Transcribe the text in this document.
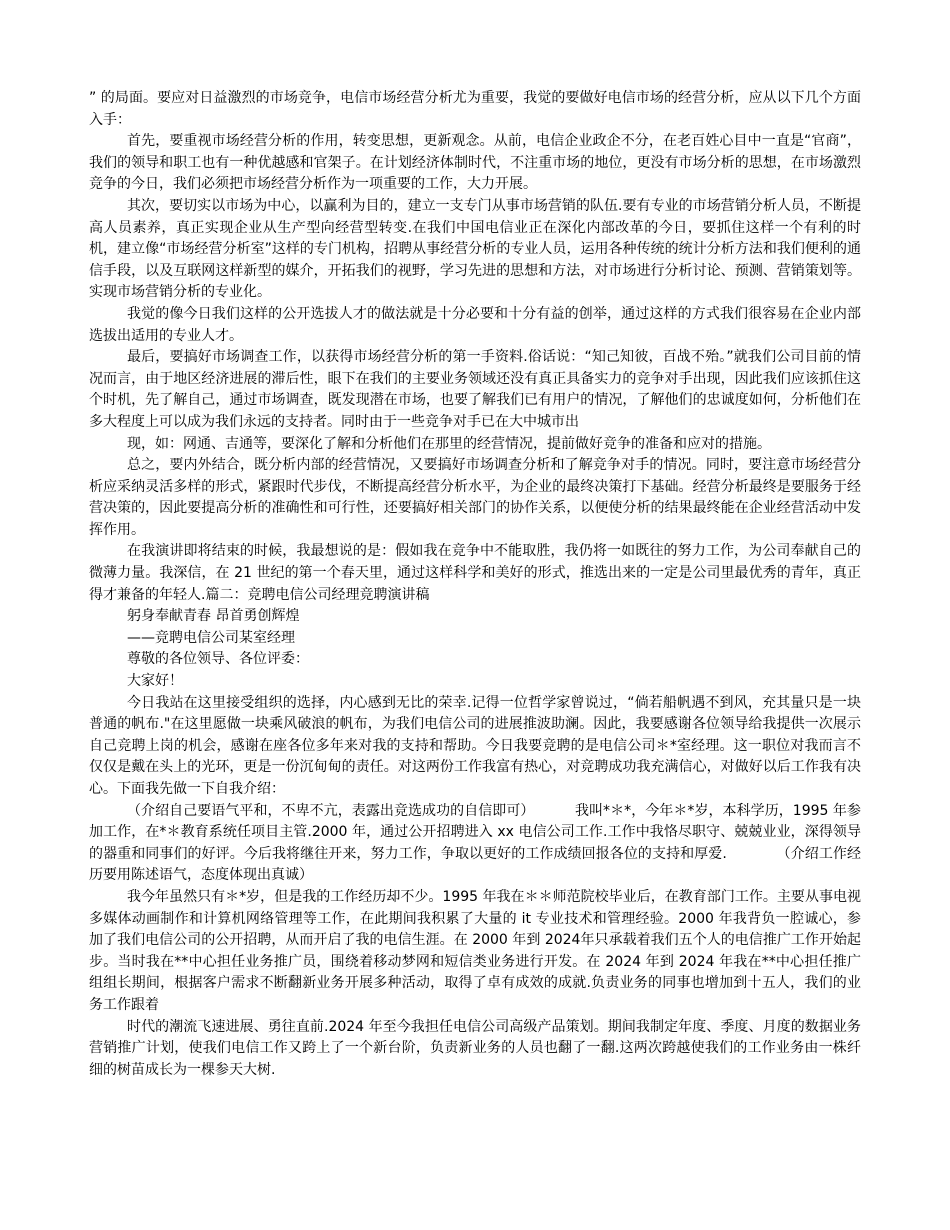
” 的局面。要应对日益激烈的市场竞争，电信市场经营分析尤为重要，我觉的要做好电信市场的经营分析，应从以下几个方面入手：

首先，要重视市场经营分析的作用，转变思想，更新观念。从前，电信企业政企不分，在老百姓心目中一直是“官商”，我们的领导和职工也有一种优越感和官架子。在计划经济体制时代，不注重市场的地位，更没有市场分析的思想，在市场激烈竞争的今日，我们必须把市场经营分析作为一项重要的工作，大力开展。

其次，要切实以市场为中心，以赢利为目的，建立一支专门从事市场营销的队伍.要有专业的市场营销分析人员，不断提高人员素养，真正实现企业从生产型向经营型转变.在我们中国电信业正在深化内部改革的今日，要抓住这样一个有利的时机，建立像“市场经营分析室”这样的专门机构，招聘从事经营分析的专业人员，运用各种传统的统计分析方法和我们便利的通信手段，以及互联网这样新型的媒介，开拓我们的视野，学习先进的思想和方法，对市场进行分析讨论、预测、营销策划等。实现市场营销分析的专业化。

我觉的像今日我们这样的公开选拔人才的做法就是十分必要和十分有益的创举，通过这样的方式我们很容易在企业内部选拔出适用的专业人才。

最后，要搞好市场调查工作，以获得市场经营分析的第一手资料.俗话说：“知己知彼，百战不殆。”就我们公司目前的情况而言，由于地区经济进展的滞后性，眼下在我们的主要业务领域还没有真正具备实力的竞争对手出现，因此我们应该抓住这个时机，先了解自己，通过市场调查，既发现潜在市场，也要了解我们已有用户的情况，了解他们的忠诚度如何，分析他们在多大程度上可以成为我们永远的支持者。同时由于一些竞争对手已在大中城市出

现，如：网通、吉通等，要深化了解和分析他们在那里的经营情况，提前做好竞争的准备和应对的措施。

总之，要内外结合，既分析内部的经营情况，又要搞好市场调查分析和了解竞争对手的情况。同时，要注意市场经营分析应采纳灵活多样的形式，紧跟时代步伐，不断提高经营分析水平，为企业的最终决策打下基础。经营分析最终是要服务于经营决策的，因此要提高分析的准确性和可行性，还要搞好相关部门的协作关系，以便使分析的结果最终能在企业经营活动中发挥作用。

在我演讲即将结束的时候，我最想说的是：假如我在竞争中不能取胜，我仍将一如既往的努力工作，为公司奉献自己的微薄力量。我深信，在 21 世纪的第一个春天里，通过这样科学和美好的形式，推选出来的一定是公司里最优秀的青年，真正得才兼备的年轻人.篇二：竞聘电信公司经理竞聘演讲稿

躬身奉献青春 昂首勇创辉煌

——竞聘电信公司某室经理

尊敬的各位领导、各位评委：

大家好！

今日我站在这里接受组织的选择，内心感到无比的荣幸.记得一位哲学家曾说过，“倘若船帆遇不到风，充其量只是一块普通的帆布."在这里愿做一块乘风破浪的帆布，为我们电信公司的进展推波助澜。因此，我要感谢各位领导给我提供一次展示自己竞聘上岗的机会，感谢在座各位多年来对我的支持和帮助。今日我要竞聘的是电信公司＊*室经理。这一职位对我而言不仅仅是戴在头上的光环，更是一份沉甸甸的责任。对这两份工作我富有热心，对竞聘成功我充满信心，对做好以后工作我有决心。下面我先做一下自我介绍：

（介绍自己要语气平和，不卑不亢，表露出竞选成功的自信即可）         我叫*＊*，今年＊*岁，本科学历，1995 年参加工作，在*＊教育系统任项目主管.2000 年，通过公开招聘进入 xx 电信公司工作.工作中我恪尽职守、兢兢业业，深得领导的器重和同事们的好评。今后我将继往开来，努力工作，争取以更好的工作成绩回报各位的支持和厚爱.           （介绍工作经历要用陈述语气，态度体现出真诚）

我今年虽然只有＊*岁，但是我的工作经历却不少。1995 年我在＊＊师范院校毕业后，在教育部门工作。主要从事电视多媒体动画制作和计算机网络管理等工作，在此期间我积累了大量的 it 专业技术和管理经验。2000 年我背负一腔诚心，参加了我们电信公司的公开招聘，从而开启了我的电信生涯。在 2000 年到 2024年只承载着我们五个人的电信推广工作开始起步。当时我在**中心担任业务推广员，围绕着移动梦网和短信类业务进行开发。在 2024 年到 2024 年我在**中心担任推广组组长期间，根据客户需求不断翻新业务开展多种活动，取得了卓有成效的成就.负责业务的同事也增加到十五人，我们的业务工作跟着

时代的潮流飞速进展、勇往直前.2024 年至今我担任电信公司高级产品策划。期间我制定年度、季度、月度的数据业务营销推广计划，使我们电信工作又跨上了一个新台阶，负责新业务的人员也翻了一翻.这两次跨越使我们的工作业务由一株纤细的树苗成长为一棵参天大树.
